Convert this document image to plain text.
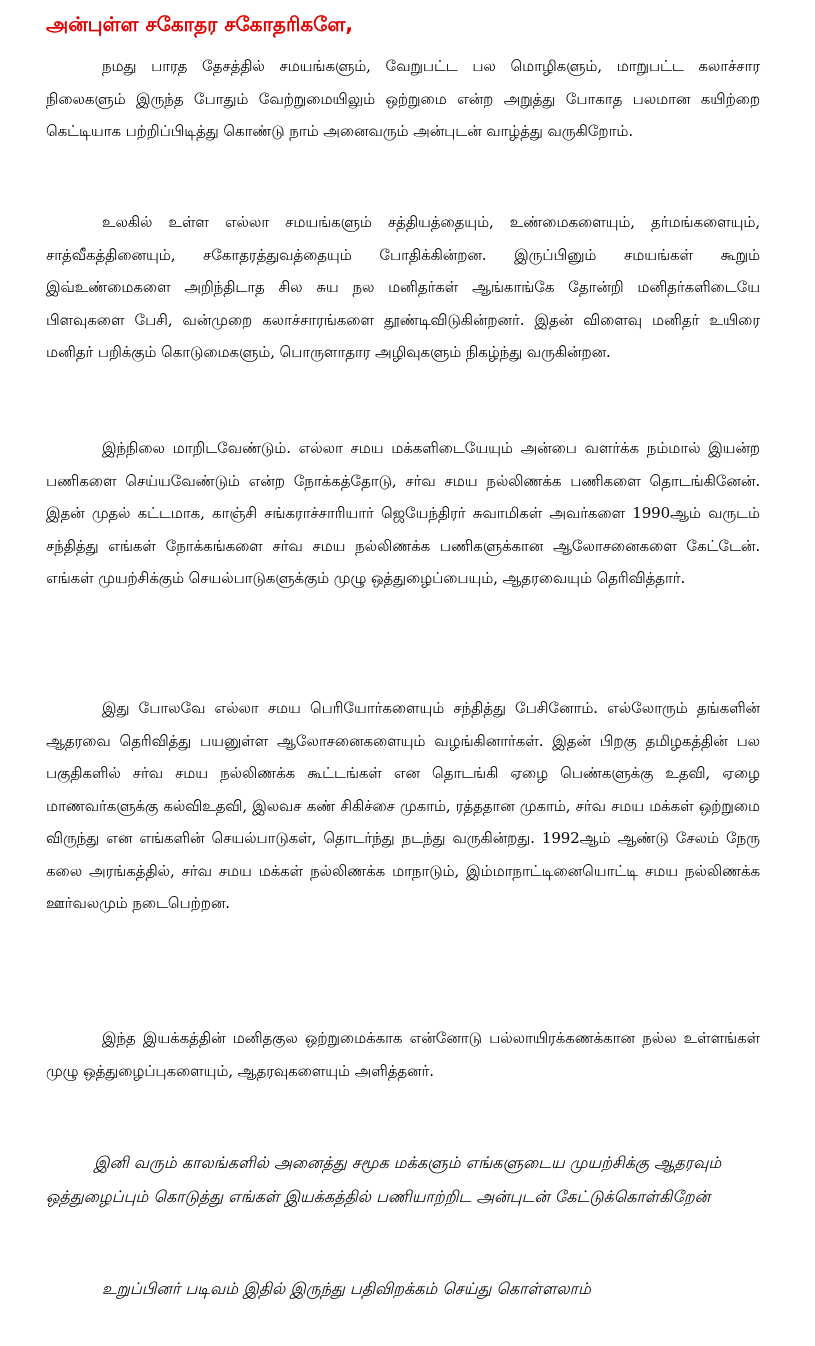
அன்புள்ள சகோதர சகோதரிகளே,

நமது பாரத தேசத்தில் சமயங்களும், வேறுபட்ட பல மொழிகளும், மாறுபட்ட கலாச்சார நிலைகளும் இருந்த போதும் வேற்றுமையிலும் ஒற்றுமை என்ற அறுத்து போகாத பலமான கயிற்றை கெட்டியாக பற்றிப்பிடித்து கொண்டு நாம் அனைவரும் அன்புடன் வாழ்த்து வருகிறோம்.

உலகில் உள்ள எல்லா சமயங்களும் சத்தியத்தையும், உண்மைகளையும், தர்மங்களையும், சாத்வீகத்தினையும், சகோதரத்துவத்தையும் போதிக்கின்றன. இருப்பினும் சமயங்கள் கூறும் இவ்உண்மைகளை அறிந்திடாத சில சுய நல மனிதர்கள் ஆங்காங்கே தோன்றி மனிதர்களிடையே பிளவுகளை பேசி, வன்முறை கலாச்சாரங்களை தூண்டிவிடுகின்றனர். இதன் விளைவு மனிதர் உயிரை மனிதர் பறிக்கும் கொடுமைகளும், பொருளாதார அழிவுகளும் நிகழ்ந்து வருகின்றன.

இந்நிலை மாறிடவேண்டும். எல்லா சமய மக்களிடையேயும் அன்பை வளர்க்க நம்மால் இயன்ற பணிகளை செய்யவேண்டும் என்ற நோக்கத்தோடு, சர்வ சமய நல்லிணக்க பணிகளை தொடங்கினேன். இதன் முதல் கட்டமாக, காஞ்சி சங்கராச்சாரியார் ஜெயேந்திரர் சுவாமிகள் அவர்களை 1990ஆம் வருடம் சந்தித்து எங்கள் நோக்கங்களை சர்வ சமய நல்லிணக்க பணிகளுக்கான ஆலோசனைகளை கேட்டேன். எங்கள் முயற்சிக்கும் செயல்பாடுகளுக்கும் முழு ஒத்துழைப்பையும், ஆதரவையும் தெரிவித்தார்.

இது போலவே எல்லா சமய பெரியோர்களையும் சந்தித்து பேசினோம். எல்லோரும் தங்களின் ஆதரவை தெரிவித்து பயனுள்ள ஆலோசனைகளையும் வழங்கினார்கள். இதன் பிறகு தமிழகத்தின் பல பகுதிகளில் சர்வ சமய நல்லிணக்க கூட்டங்கள் என தொடங்கி ஏழை பெண்களுக்கு உதவி, ஏழை மாணவர்களுக்கு கல்விஉதவி, இலவச கண் சிகிச்சை முகாம், ரத்ததான முகாம், சர்வ சமய மக்கள் ஒற்றுமை விருந்து என எங்களின் செயல்பாடுகள், தொடர்ந்து நடந்து வருகின்றது. 1992ஆம் ஆண்டு சேலம் நேரு கலை அரங்கத்தில், சர்வ சமய மக்கள் நல்லிணக்க மாநாடும், இம்மாநாட்டினையொட்டி சமய நல்லிணக்க ஊர்வலமும் நடைபெற்றன.

இந்த இயக்கத்தின் மனிதகுல ஒற்றுமைக்காக என்னோடு பல்லாயிரக்கணக்கான நல்ல உள்ளங்கள் முழு ஒத்துழைப்புகளையும், ஆதரவுகளையும் அளித்தனர்.

இனி வரும் காலங்களில் அனைத்து சமூக மக்களும் எங்களுடைய முயற்சிக்கு ஆதரவும் ஒத்துழைப்பும் கொடுத்து எங்கள் இயக்கத்தில் பணியாற்றிட அன்புடன் கேட்டுக்கொள்கிறேன்

உறுப்பினர் படிவம் இதில் இருந்து பதிவிறக்கம் செய்து கொள்ளலாம்
